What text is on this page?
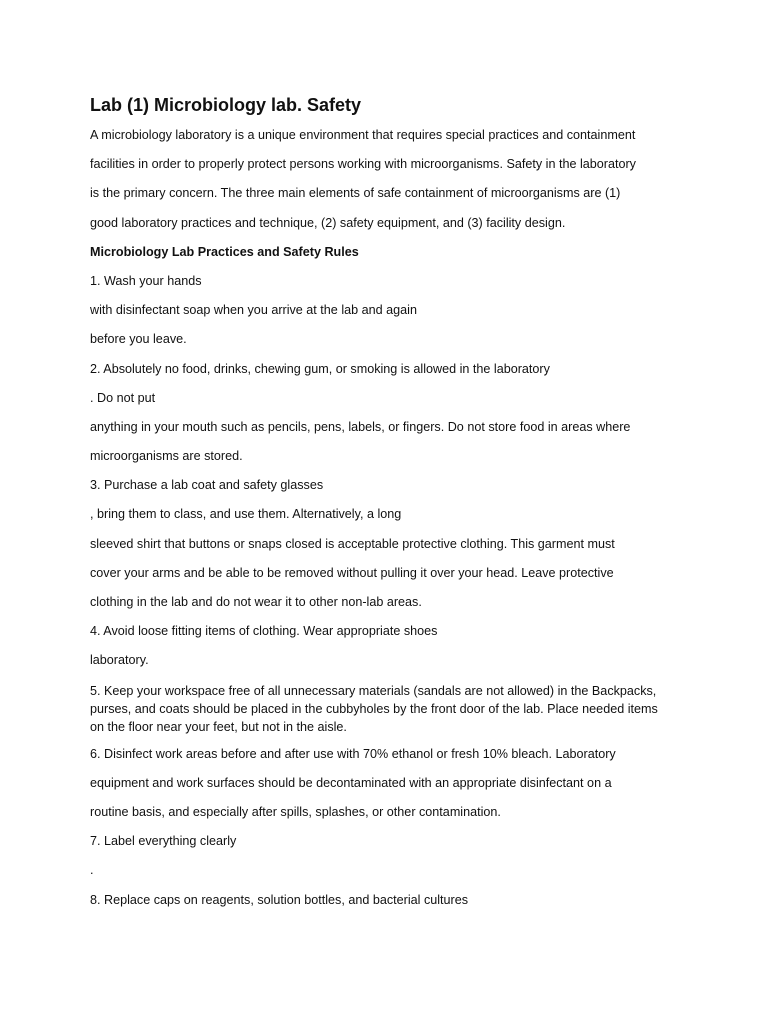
Lab (1) Microbiology lab. Safety
A microbiology laboratory is a unique environment that requires special practices and containment
facilities in order to properly protect persons working with microorganisms. Safety in the laboratory
is the primary concern. The three main elements of safe containment of microorganisms are (1)
good laboratory practices and technique, (2) safety equipment, and (3) facility design.
Microbiology Lab Practices and Safety Rules
1. Wash your hands
with disinfectant soap when you arrive at the lab and again
before you leave.
2. Absolutely no food, drinks, chewing gum, or smoking is allowed in the laboratory
. Do not put
anything in your mouth such as pencils, pens, labels, or fingers. Do not store food in areas where
microorganisms are stored.
3. Purchase a lab coat and safety glasses
, bring them to class, and use them. Alternatively, a long
sleeved shirt that buttons or snaps closed is acceptable protective clothing. This garment must
cover your arms and be able to be removed without pulling it over your head. Leave protective
clothing in the lab and do not wear it to other non-lab areas.
4. Avoid loose fitting items of clothing. Wear appropriate shoes
laboratory.
5. Keep your workspace free of all unnecessary materials (sandals are not allowed) in the Backpacks, purses, and coats should be placed in the cubbyholes by the front door of the lab. Place needed items on the floor near your feet, but not in the aisle.
6. Disinfect work areas before and after use with 70% ethanol or fresh 10% bleach. Laboratory
equipment and work surfaces should be decontaminated with an appropriate disinfectant on a
routine basis, and especially after spills, splashes, or other contamination.
7. Label everything clearly
.
8. Replace caps on reagents, solution bottles, and bacterial cultures
